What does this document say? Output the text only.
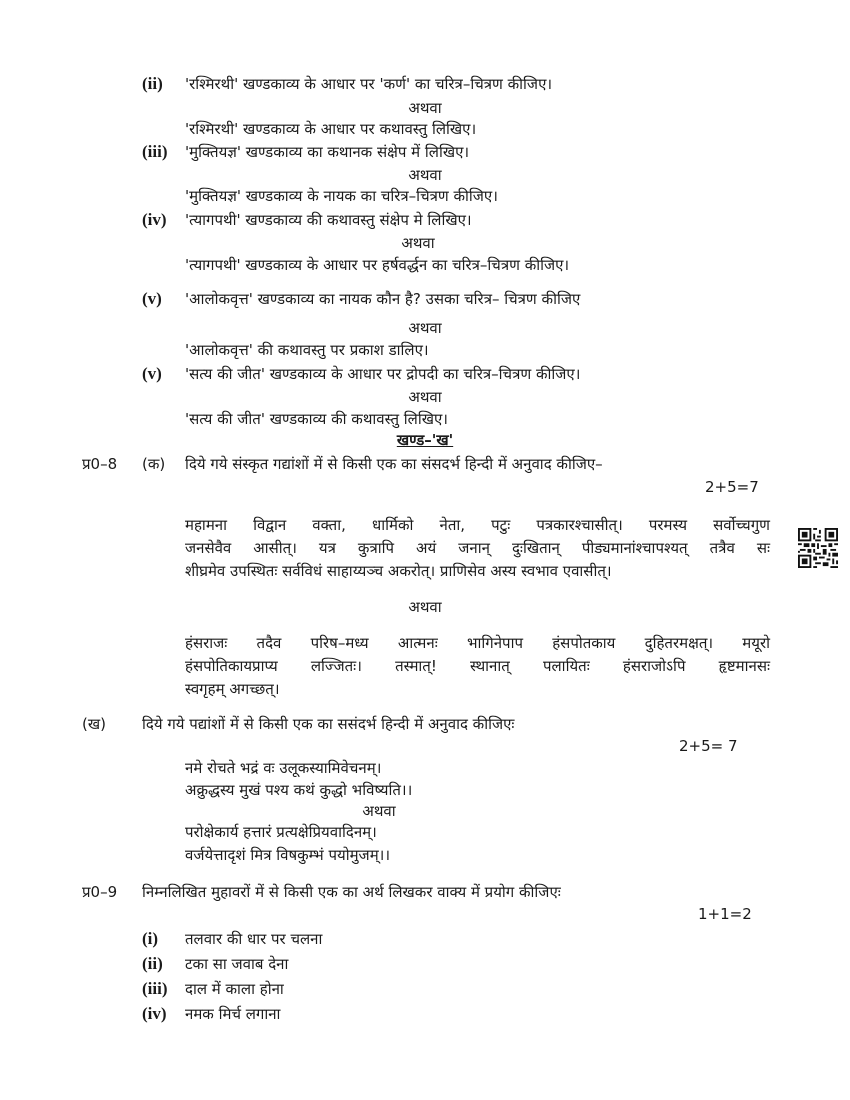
(ii) 'रश्मिरथी' खण्डकाव्य के आधार पर 'कर्ण' का चरित्र–चित्रण कीजिए।
अथवा
'रश्मिरथी' खण्डकाव्य के आधार पर कथावस्तु लिखिए।
(iii) 'मुक्तियज्ञ' खण्डकाव्य का कथानक संक्षेप में लिखिए।
अथवा
'मुक्तियज्ञ' खण्डकाव्य के नायक का चरित्र–चित्रण कीजिए।
(iv) 'त्यागपथी' खण्डकाव्य की कथावस्तु संक्षेप मे लिखिए।
अथवा
'त्यागपथी' खण्डकाव्य के आधार पर हर्षवर्द्धन का चरित्र–चित्रण कीजिए।
(v) 'आलोकवृत्त' खण्डकाव्य का नायक कौन है? उसका चरित्र– चित्रण कीजिए
अथवा
'आलोकवृत्त' की कथावस्तु पर प्रकाश डालिए।
(v) 'सत्य की जीत' खण्डकाव्य के आधार पर द्रोपदी का चरित्र–चित्रण कीजिए।
अथवा
'सत्य की जीत' खण्डकाव्य की कथावस्तु लिखिए।
खण्ड–'ख'
प्र0–8 (क) दिये गये संस्कृत गद्यांशों में से किसी एक का संसदर्भ हिन्दी में अनुवाद कीजिए–
2+5=7
महामना विद्वान वक्ता, धार्मिको नेता, पटुः पत्रकारश्चासीत्। परमस्य सर्वोच्चगुण
जनसेवैव आसीत्। यत्र कुत्रापि अयं जनान् दुःखितान् पीड्यमानांश्चापश्यत् तत्रैव सः
शीघ्रमेव उपस्थितः सर्वविधं साहाय्यञ्च अकरोत्। प्राणिसेव अस्य स्वभाव एवासीत्।
अथवा
हंसराजः तदैव परिष–मध्य आत्मनः भागिनेपाप हंसपोतकाय दुहितरमक्षत्। मयूरो
हंसपोतिकायप्राप्य लज्जितः। तस्मात्! स्थानात् पलायितः हंसराजोऽपि हृष्टमानसः
स्वगृहम् अगच्छत्।
(ख) दिये गये पद्यांशों में से किसी एक का ससंदर्भ हिन्दी में अनुवाद कीजिएः
2+5= 7
नमे रोचते भद्रं वः उलूकस्यामिवेचनम्।
अक्रुद्धस्य मुखं पश्य कथं कुद्धो भविष्यति।।
अथवा
परोक्षेकार्य हत्तारं प्रत्यक्षेप्रियवादिनम्।
वर्जयेत्तादृशं मित्र विषकुम्भं पयोमुजम्।।
प्र0–9 निम्नलिखित मुहावरों में से किसी एक का अर्थ लिखकर वाक्य में प्रयोग कीजिएः
1+1=2
(i) तलवार की धार पर चलना
(ii) टका सा जवाब देना
(iii) दाल में काला होना
(iv) नमक मिर्च लगाना
